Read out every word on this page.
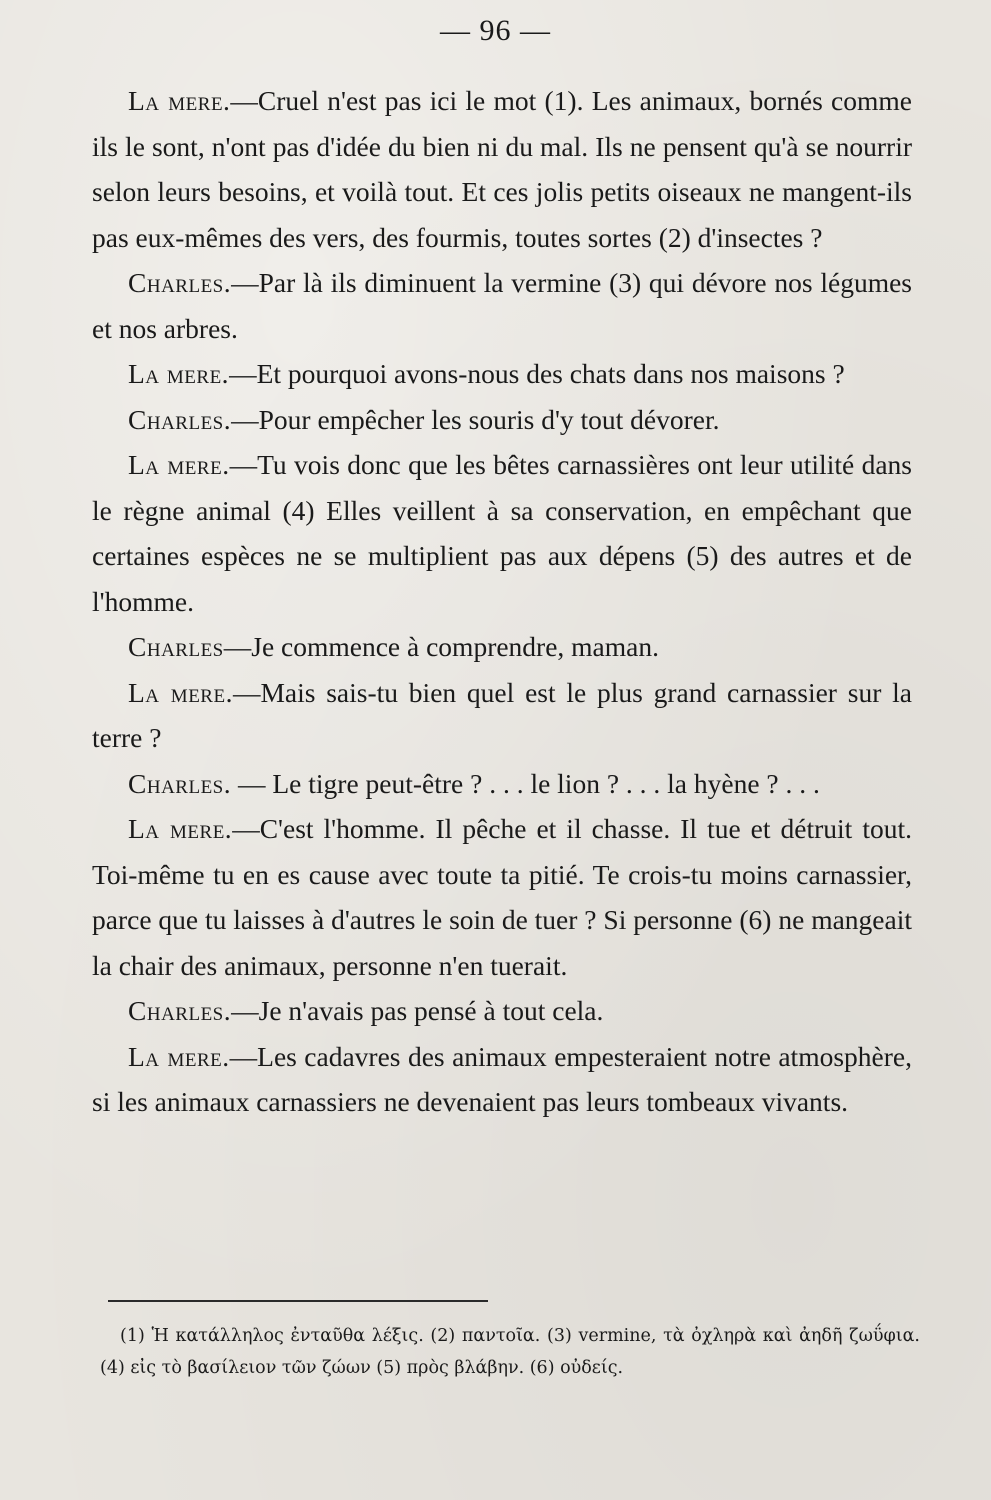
— 96 —

La mere.—Cruel n'est pas ici le mot (1). Les animaux, bornés comme ils le sont, n'ont pas d'idée du bien ni du mal. Ils ne pensent qu'à se nourrir selon leurs besoins, et voilà tout. Et ces jolis petits oiseaux ne mangent-ils pas eux-mêmes des vers, des fourmis, toutes sortes (2) d'insectes ?

Charles.—Par là ils diminuent la vermine (3) qui dévore nos légumes et nos arbres.

La mere.—Et pourquoi avons-nous des chats dans nos maisons ?

Charles.—Pour empêcher les souris d'y tout dévorer.

La mere.—Tu vois donc que les bêtes carnassières ont leur utilité dans le règne animal (4) Elles veillent à sa conservation, en empêchant que certaines espèces ne se multiplient pas aux dépens (5) des autres et de l'homme.

Charles—Je commence à comprendre, maman.

La mere.—Mais sais-tu bien quel est le plus grand carnassier sur la terre ?

Charles. — Le tigre peut-être ? . . . le lion ? . . . la hyène ? . . .

La mere.—C'est l'homme. Il pêche et il chasse. Il tue et détruit tout. Toi-même tu en es cause avec toute ta pitié. Te crois-tu moins carnassier, parce que tu laisses à d'autres le soin de tuer ? Si personne (6) ne mangeait la chair des animaux, personne n'en tuerait.

Charles.—Je n'avais pas pensé à tout cela.

La mere.—Les cadavres des animaux empesteraient notre atmosphère, si les animaux carnassiers ne devenaient pas leurs tombeaux vivants.

(1) Ἡ κατάλληλος ἐνταῦθα λέξις. (2) παντοῖα. (3) vermine, τὰ ὀχληρὰ καὶ ἀηδῆ ζωΰφια. (4) εἰς τὸ βασίλειον τῶν ζώων (5) πρὸς βλάβην. (6) οὐδείς.
